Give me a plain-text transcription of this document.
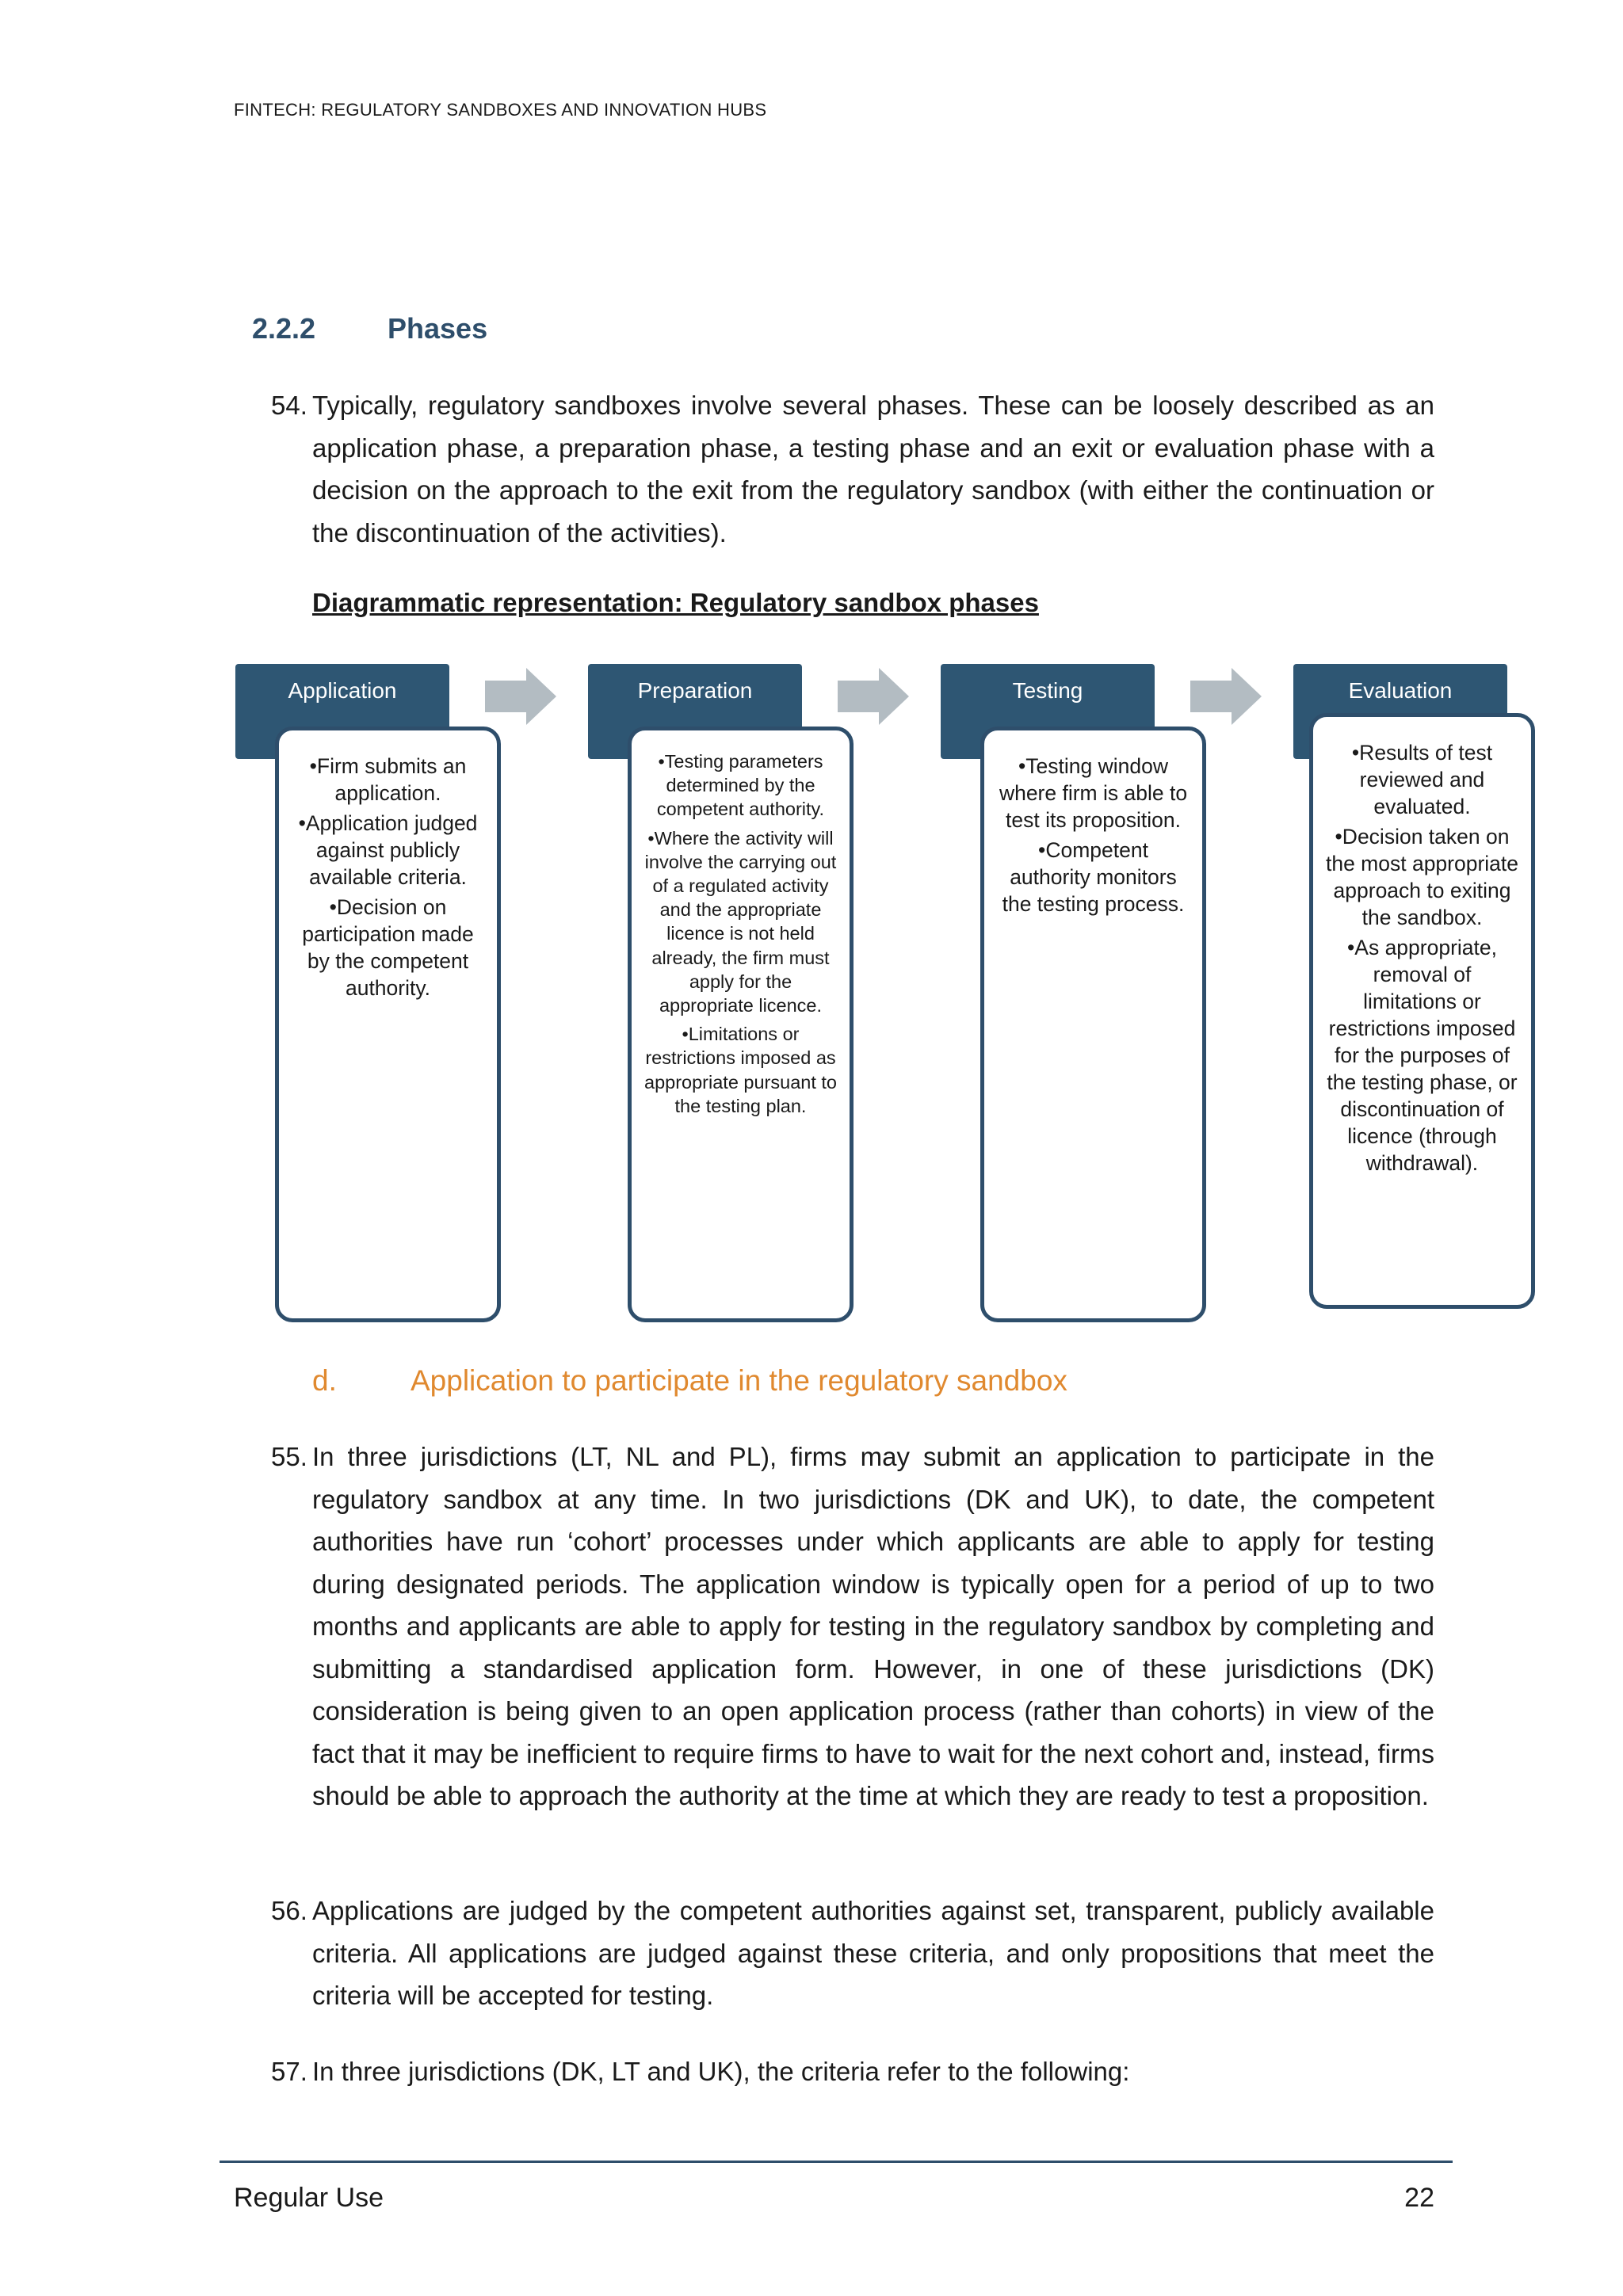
FINTECH: REGULATORY SANDBOXES AND INNOVATION HUBS
2.2.2	Phases
54. Typically, regulatory sandboxes involve several phases. These can be loosely described as an application phase, a preparation phase, a testing phase and an exit or evaluation phase with a decision on the approach to the exit from the regulatory sandbox (with either the continuation or the discontinuation of the activities).
Diagrammatic representation: Regulatory sandbox phases
Application	Preparation	Testing	Evaluation
•Firm submits an application.
•Application judged against publicly available criteria.
•Decision on participation made by the competent authority.
•Testing parameters determined by the competent authority.
•Where the activity will involve the carrying out of a regulated activity and the appropriate licence is not held already, the firm must apply for the appropriate licence.
•Limitations or restrictions imposed as appropriate pursuant to the testing plan.
•Testing window where firm is able to test its proposition.
•Competent authority monitors the testing process.
•Results of test reviewed and evaluated.
•Decision taken on the most appropriate approach to exiting the sandbox.
•As appropriate, removal of limitations or restrictions imposed for the purposes of the testing phase, or discontinuation of licence (through withdrawal).
d.	Application to participate in the regulatory sandbox
55. In three jurisdictions (LT, NL and PL), firms may submit an application to participate in the regulatory sandbox at any time. In two jurisdictions (DK and UK), to date, the competent authorities have run ‘cohort’ processes under which applicants are able to apply for testing during designated periods. The application window is typically open for a period of up to two months and applicants are able to apply for testing in the regulatory sandbox by completing and submitting a standardised application form. However, in one of these jurisdictions (DK) consideration is being given to an open application process (rather than cohorts) in view of the fact that it may be inefficient to require firms to have to wait for the next cohort and, instead, firms should be able to approach the authority at the time at which they are ready to test a proposition.
56. Applications are judged by the competent authorities against set, transparent, publicly available criteria. All applications are judged against these criteria, and only propositions that meet the criteria will be accepted for testing.
57. In three jurisdictions (DK, LT and UK), the criteria refer to the following:
Regular Use	22
